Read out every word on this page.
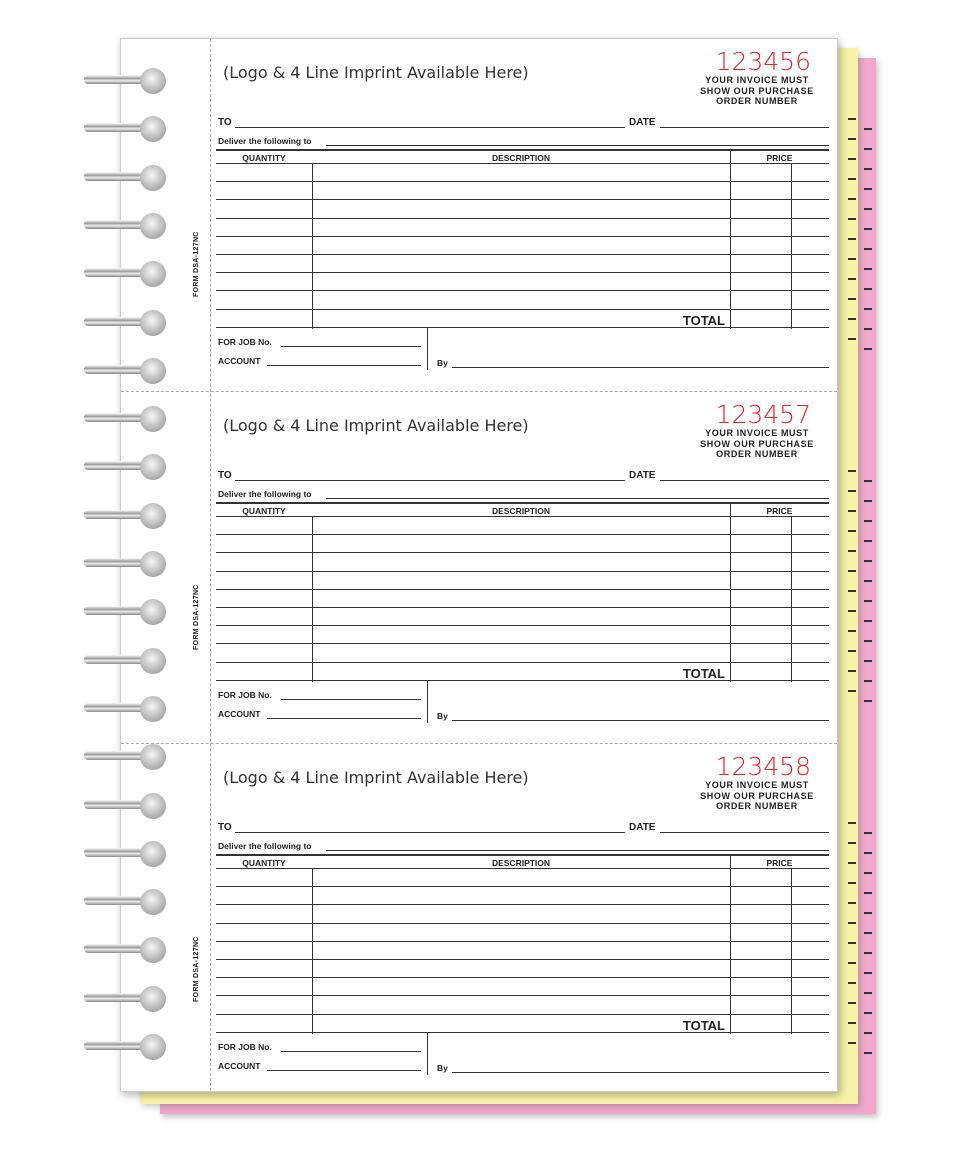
FORM DSA-127NC
(Logo & 4 Line Imprint Available Here)	123456
YOUR INVOICE MUST
SHOW OUR PURCHASE
ORDER NUMBER
TO	DATE
Deliver the following to
QUANTITY	DESCRIPTION	PRICE
TOTAL
FOR JOB No.
ACCOUNT	By
FORM DSA-127NC
(Logo & 4 Line Imprint Available Here)	123457
YOUR INVOICE MUST
SHOW OUR PURCHASE
ORDER NUMBER
TO	DATE
Deliver the following to
QUANTITY	DESCRIPTION	PRICE
TOTAL
FOR JOB No.
ACCOUNT	By
FORM DSA-127NC
(Logo & 4 Line Imprint Available Here)	123458
YOUR INVOICE MUST
SHOW OUR PURCHASE
ORDER NUMBER
TO	DATE
Deliver the following to
QUANTITY	DESCRIPTION	PRICE
TOTAL
FOR JOB No.
ACCOUNT	By
